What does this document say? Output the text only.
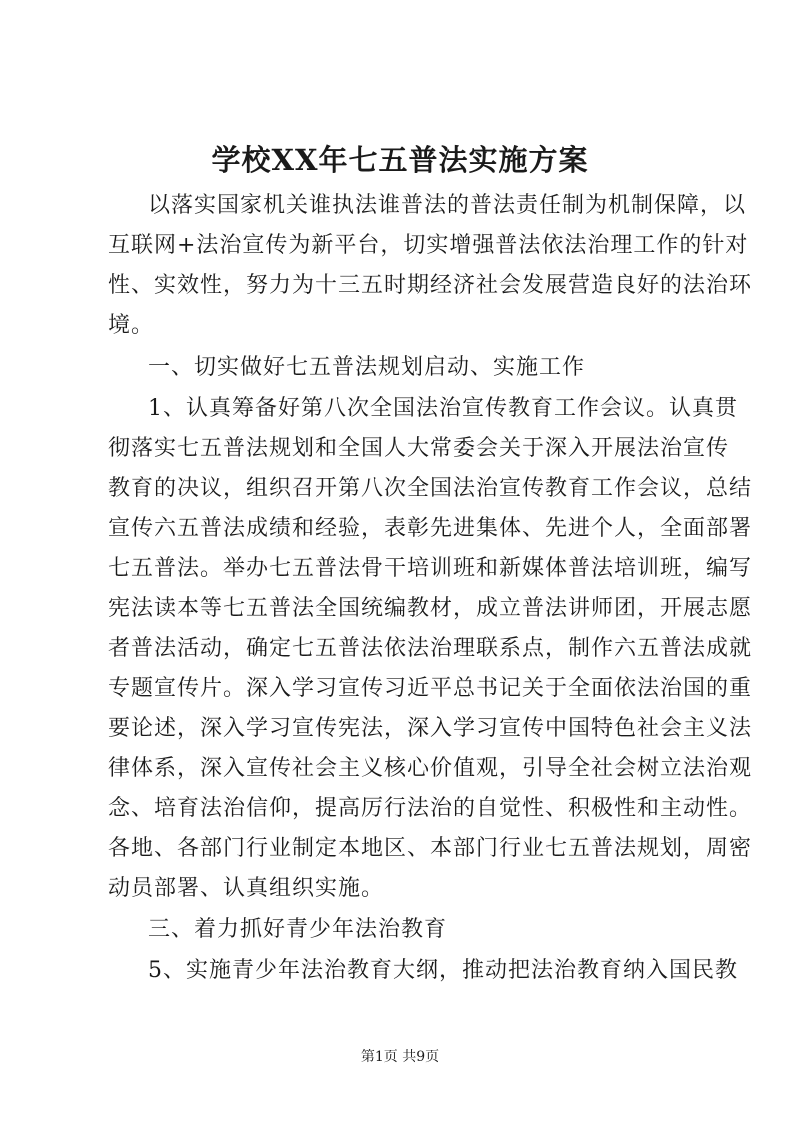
学校XX年七五普法实施方案
以落实国家机关谁执法谁普法的普法责任制为机制保障，以
互联网+法治宣传为新平台，切实增强普法依法治理工作的针对
性、实效性，努力为十三五时期经济社会发展营造良好的法治环
境。
一、切实做好七五普法规划启动、实施工作
1、认真筹备好第八次全国法治宣传教育工作会议。认真贯
彻落实七五普法规划和全国人大常委会关于深入开展法治宣传
教育的决议，组织召开第八次全国法治宣传教育工作会议，总结
宣传六五普法成绩和经验，表彰先进集体、先进个人，全面部署
七五普法。举办七五普法骨干培训班和新媒体普法培训班，编写
宪法读本等七五普法全国统编教材，成立普法讲师团，开展志愿
者普法活动，确定七五普法依法治理联系点，制作六五普法成就
专题宣传片。深入学习宣传习近平总书记关于全面依法治国的重
要论述，深入学习宣传宪法，深入学习宣传中国特色社会主义法
律体系，深入宣传社会主义核心价值观，引导全社会树立法治观
念、培育法治信仰，提高厉行法治的自觉性、积极性和主动性。
各地、各部门行业制定本地区、本部门行业七五普法规划，周密
动员部署、认真组织实施。
三、着力抓好青少年法治教育
5、实施青少年法治教育大纲，推动把法治教育纳入国民教
第1页 共9页
